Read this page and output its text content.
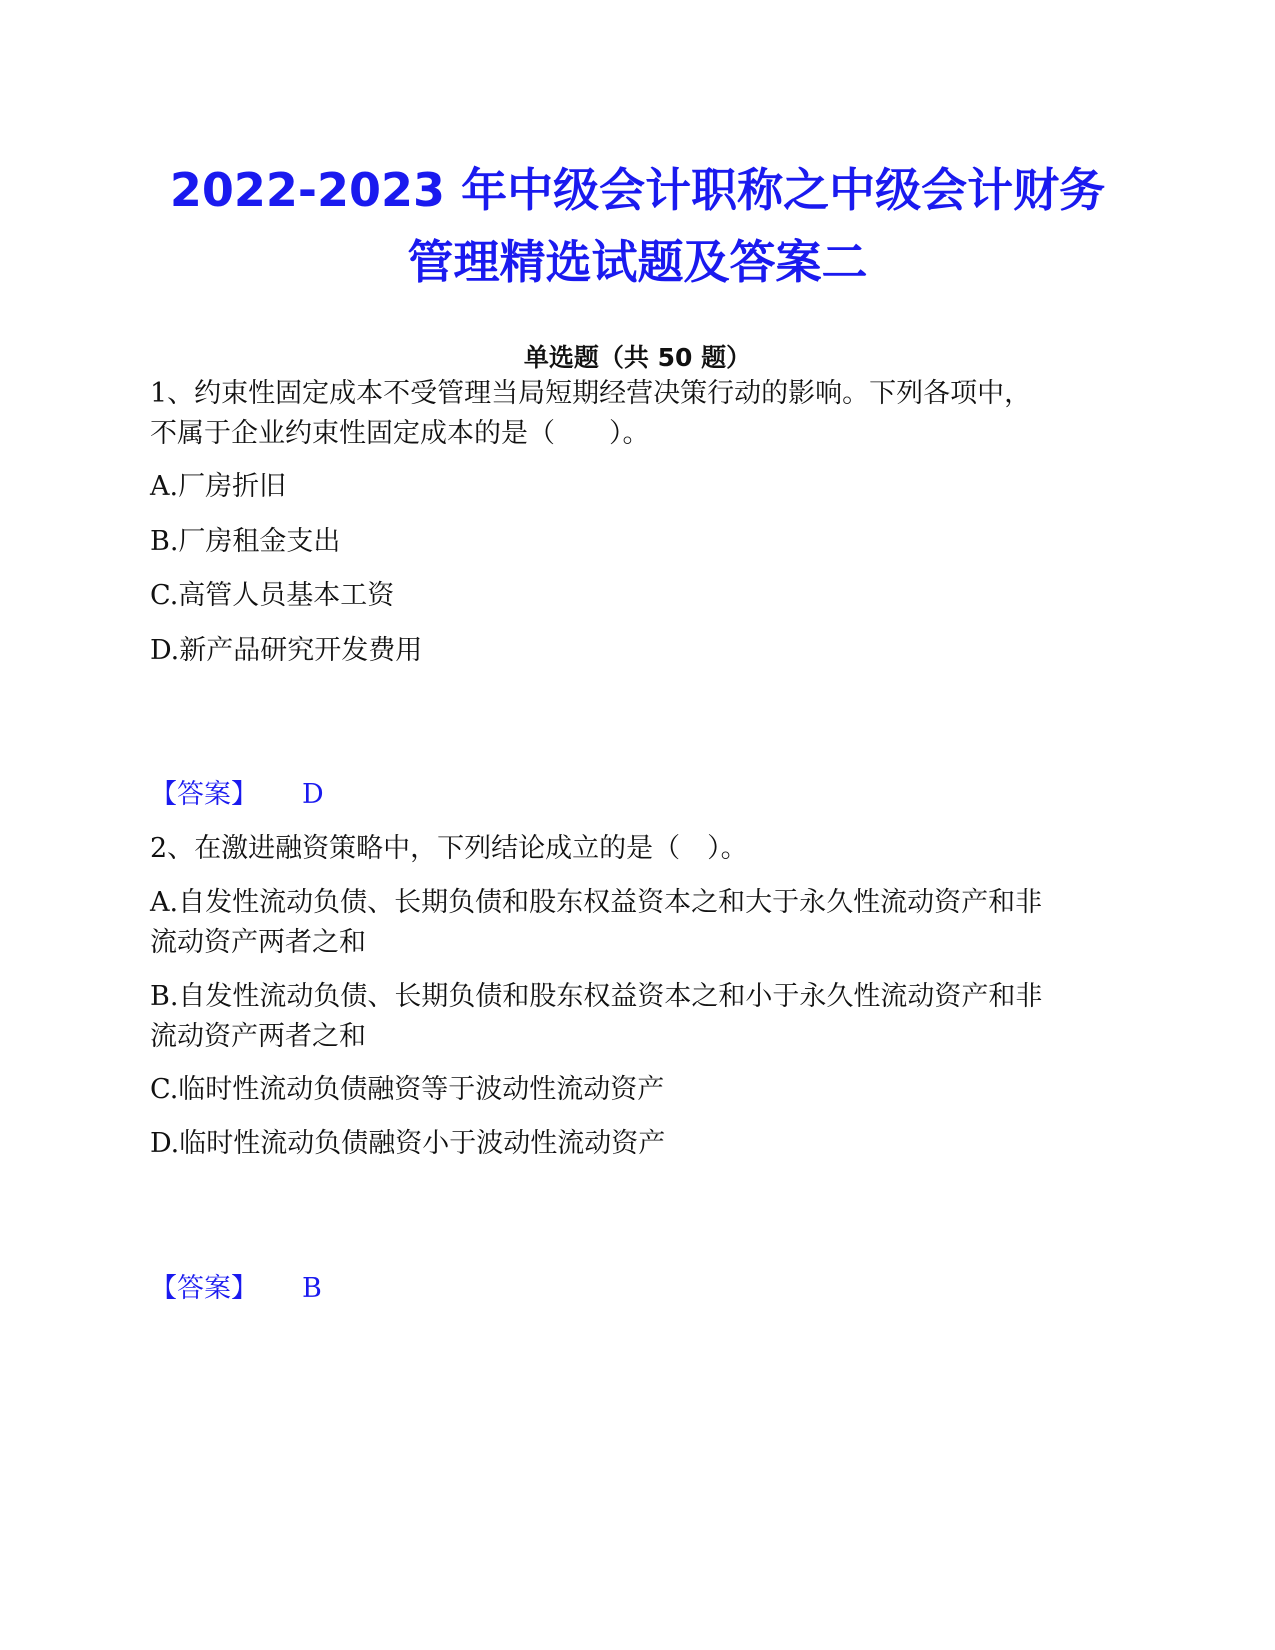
2022-2023 年中级会计职称之中级会计财务
管理精选试题及答案二
单选题（共 50 题）
1、约束性固定成本不受管理当局短期经营决策行动的影响。下列各项中，
不属于企业约束性固定成本的是（　　）。
A.厂房折旧
B.厂房租金支出
C.高管人员基本工资
D.新产品研究开发费用
【答案】 D
2、在激进融资策略中，下列结论成立的是（　）。
A.自发性流动负债、长期负债和股东权益资本之和大于永久性流动资产和非
流动资产两者之和
B.自发性流动负债、长期负债和股东权益资本之和小于永久性流动资产和非
流动资产两者之和
C.临时性流动负债融资等于波动性流动资产
D.临时性流动负债融资小于波动性流动资产
【答案】 B
